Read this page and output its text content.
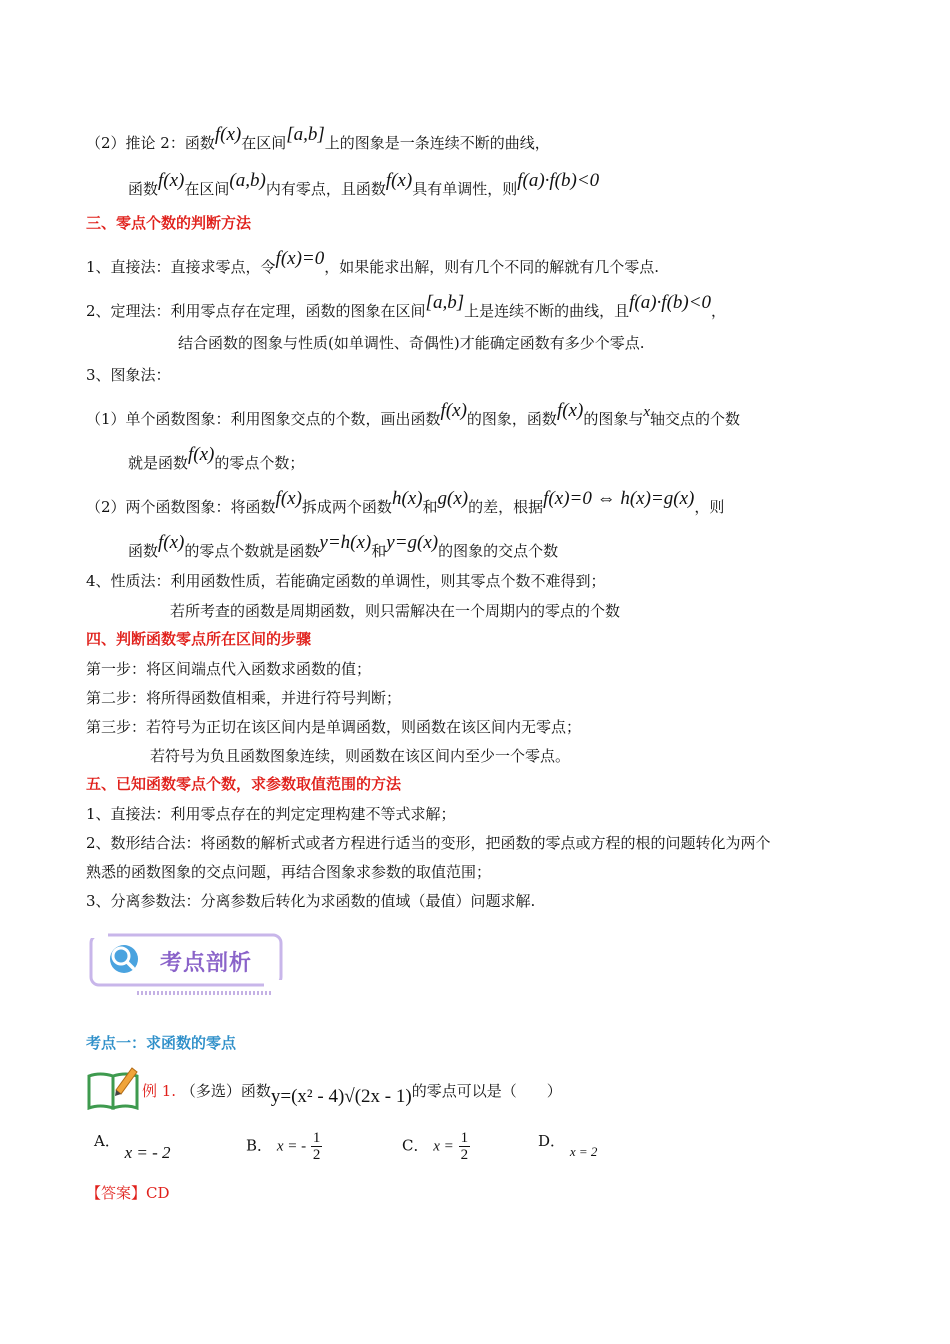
（2）推论 2：函数f(x)在区间[a,b]上的图象是一条连续不断的曲线，
函数f(x)在区间(a,b)内有零点，且函数f(x)具有单调性，则f(a)·f(b)<0
三、零点个数的判断方法
1、直接法：直接求零点，令f(x)=0，如果能求出解，则有几个不同的解就有几个零点.
2、定理法：利用零点存在定理，函数的图象在区间[a,b]上是连续不断的曲线，且f(a)·f(b)<0，
结合函数的图象与性质(如单调性、奇偶性)才能确定函数有多少个零点.
3、图象法：
（1）单个函数图象：利用图象交点的个数，画出函数f(x)的图象，函数f(x)的图象与x轴交点的个数
就是函数f(x)的零点个数；
（2）两个函数图象：将函数f(x)拆成两个函数h(x)和g(x)的差，根据f(x)=0 ⇔ h(x)=g(x)，则
函数f(x)的零点个数就是函数y=h(x)和y=g(x)的图象的交点个数
4、性质法：利用函数性质，若能确定函数的单调性，则其零点个数不难得到；
若所考查的函数是周期函数，则只需解决在一个周期内的零点的个数
四、判断函数零点所在区间的步骤
第一步：将区间端点代入函数求函数的值；
第二步：将所得函数值相乘，并进行符号判断；
第三步：若符号为正切在该区间内是单调函数，则函数在该区间内无零点；
若符号为负且函数图象连续，则函数在该区间内至少一个零点。
五、已知函数零点个数，求参数取值范围的方法
1、直接法：利用零点存在的判定定理构建不等式求解；
2、数形结合法：将函数的解析式或者方程进行适当的变形，把函数的零点或方程的根的问题转化为两个
熟悉的函数图象的交点问题，再结合图象求参数的取值范围；
3、分离参数法：分离参数后转化为求函数的值域（最值）问题求解.
考点剖析
考点一：求函数的零点
例 1. （多选）函数y=(x² - 4)√(2x - 1)的零点可以是（　　）
A． x = - 2	B． x = - $\frac{1}{2}$	C． $x = \frac{1}{2}$	D． x = 2
【答案】CD
